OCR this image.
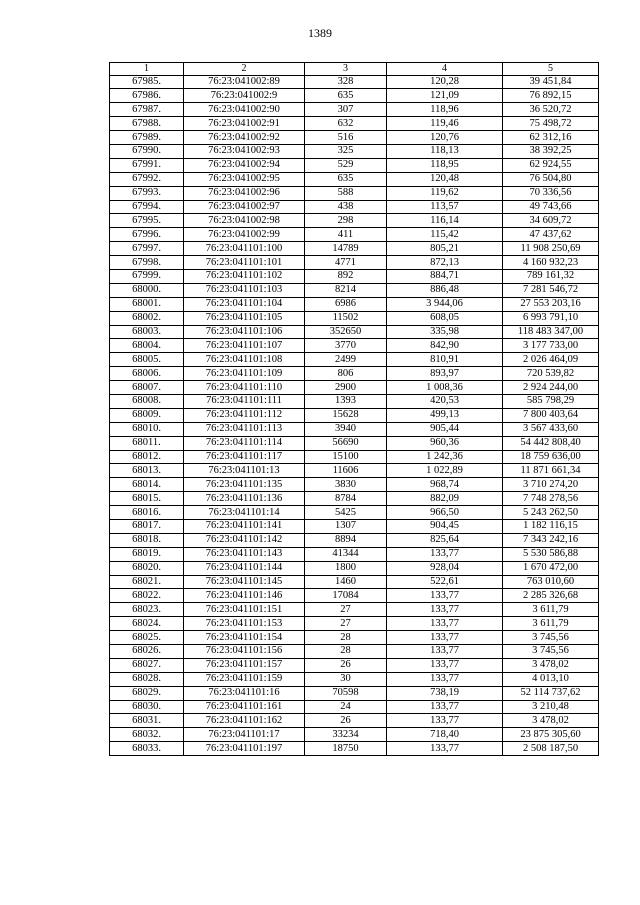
1389
1	2	3	4	5
67985.	76:23:041002:89	328	120,28	39 451,84
67986.	76:23:041002:9	635	121,09	76 892,15
67987.	76:23:041002:90	307	118,96	36 520,72
67988.	76:23:041002:91	632	119,46	75 498,72
67989.	76:23:041002:92	516	120,76	62 312,16
67990.	76:23:041002:93	325	118,13	38 392,25
67991.	76:23:041002:94	529	118,95	62 924,55
67992.	76:23:041002:95	635	120,48	76 504,80
67993.	76:23:041002:96	588	119,62	70 336,56
67994.	76:23:041002:97	438	113,57	49 743,66
67995.	76:23:041002:98	298	116,14	34 609,72
67996.	76:23:041002:99	411	115,42	47 437,62
67997.	76:23:041101:100	14789	805,21	11 908 250,69
67998.	76:23:041101:101	4771	872,13	4 160 932,23
67999.	76:23:041101:102	892	884,71	789 161,32
68000.	76:23:041101:103	8214	886,48	7 281 546,72
68001.	76:23:041101:104	6986	3 944,06	27 553 203,16
68002.	76:23:041101:105	11502	608,05	6 993 791,10
68003.	76:23:041101:106	352650	335,98	118 483 347,00
68004.	76:23:041101:107	3770	842,90	3 177 733,00
68005.	76:23:041101:108	2499	810,91	2 026 464,09
68006.	76:23:041101:109	806	893,97	720 539,82
68007.	76:23:041101:110	2900	1 008,36	2 924 244,00
68008.	76:23:041101:111	1393	420,53	585 798,29
68009.	76:23:041101:112	15628	499,13	7 800 403,64
68010.	76:23:041101:113	3940	905,44	3 567 433,60
68011.	76:23:041101:114	56690	960,36	54 442 808,40
68012.	76:23:041101:117	15100	1 242,36	18 759 636,00
68013.	76:23:041101:13	11606	1 022,89	11 871 661,34
68014.	76:23:041101:135	3830	968,74	3 710 274,20
68015.	76:23:041101:136	8784	882,09	7 748 278,56
68016.	76:23:041101:14	5425	966,50	5 243 262,50
68017.	76:23:041101:141	1307	904,45	1 182 116,15
68018.	76:23:041101:142	8894	825,64	7 343 242,16
68019.	76:23:041101:143	41344	133,77	5 530 586,88
68020.	76:23:041101:144	1800	928,04	1 670 472,00
68021.	76:23:041101:145	1460	522,61	763 010,60
68022.	76:23:041101:146	17084	133,77	2 285 326,68
68023.	76:23:041101:151	27	133,77	3 611,79
68024.	76:23:041101:153	27	133,77	3 611,79
68025.	76:23:041101:154	28	133,77	3 745,56
68026.	76:23:041101:156	28	133,77	3 745,56
68027.	76:23:041101:157	26	133,77	3 478,02
68028.	76:23:041101:159	30	133,77	4 013,10
68029.	76:23:041101:16	70598	738,19	52 114 737,62
68030.	76:23:041101:161	24	133,77	3 210,48
68031.	76:23:041101:162	26	133,77	3 478,02
68032.	76:23:041101:17	33234	718,40	23 875 305,60
68033.	76:23:041101:197	18750	133,77	2 508 187,50
